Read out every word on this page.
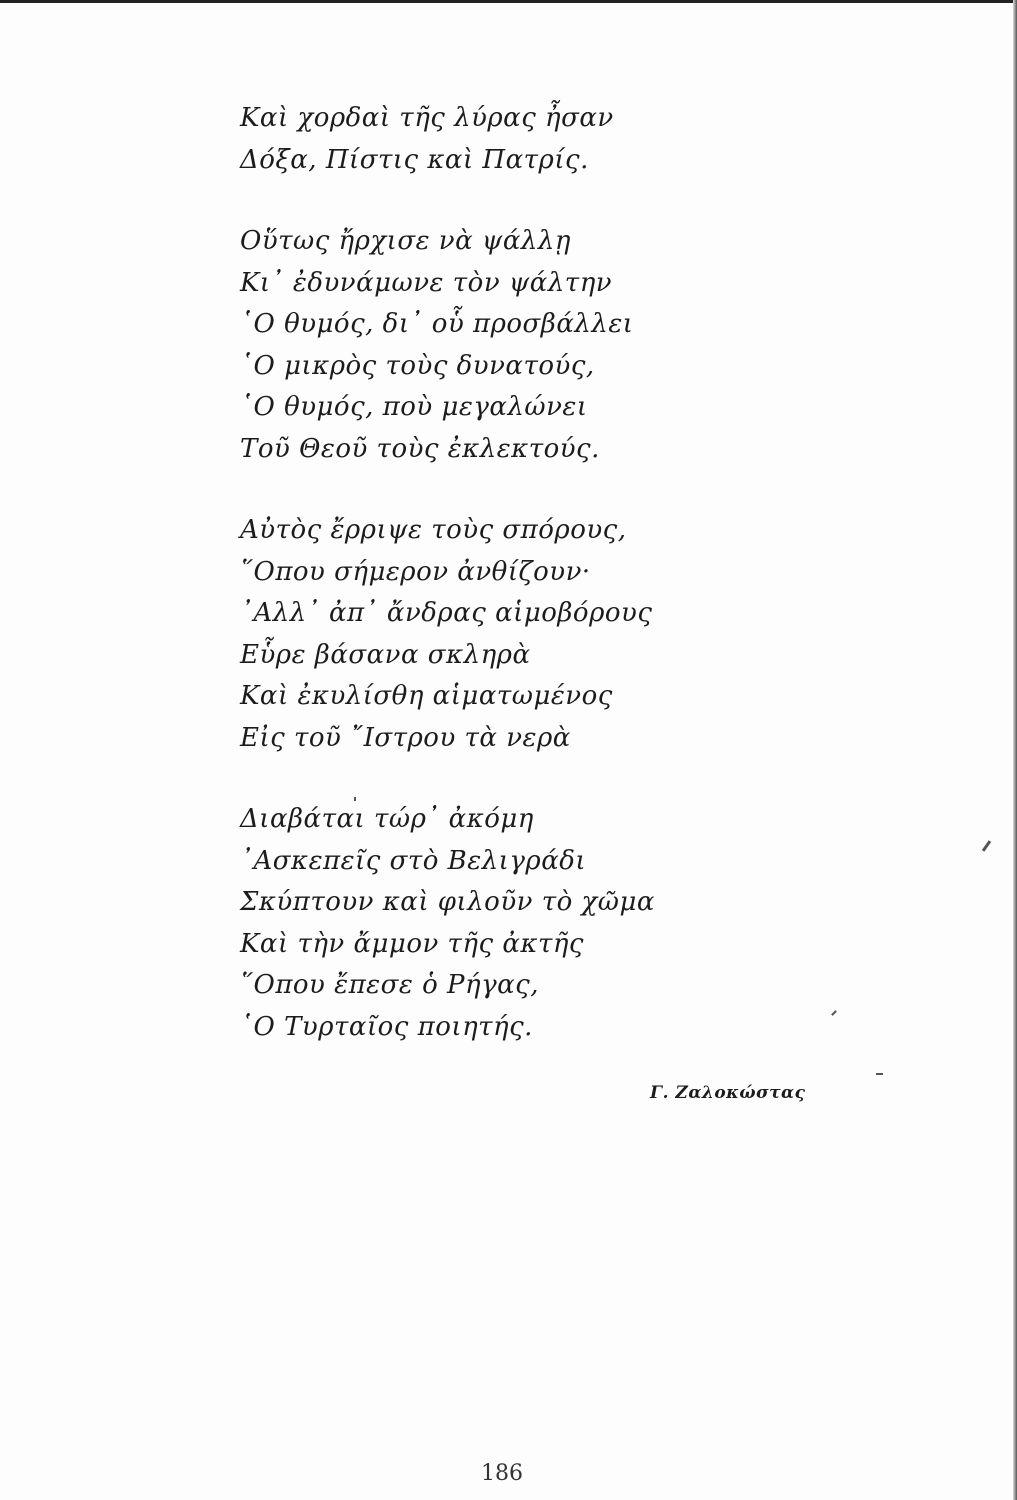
Καὶ χορδαὶ τῆς λύρας ἦσαν
Δόξα, Πίστις καὶ Πατρίς.
Οὕτως ἤρχισε νὰ ψάλλῃ
Κι᾽ ἐδυνάμωνε τὸν ψάλτην
῾Ο θυμός, δι᾽ οὗ προσβάλλει
῾Ο μικρὸς τοὺς δυνατούς,
῾Ο θυμός, ποὺ μεγαλώνει
Τοῦ Θεοῦ τοὺς ἐκλεκτούς.
Αὐτὸς ἔρριψε τοὺς σπόρους,
῞Οπου σήμερον ἀνθίζουν·
᾽Αλλ᾽ ἀπ᾽ ἄνδρας αἱμοβόρους
Εὗρε βάσανα σκληρὰ
Καὶ ἐκυλίσθη αἱματωμένος
Εἰς τοῦ ῎Ιστρου τὰ νερὰ
Διαβάται τώρ᾽ ἀκόμη
᾽Ασκεπεῖς στὸ Βελιγράδι
Σκύπτουν καὶ φιλοῦν τὸ χῶμα
Καὶ τὴν ἄμμον τῆς ἀκτῆς
῞Οπου ἔπεσε ὁ Ρήγας,
῾Ο Τυρταῖος ποιητής.
Γ. Ζαλοκώστας
186
